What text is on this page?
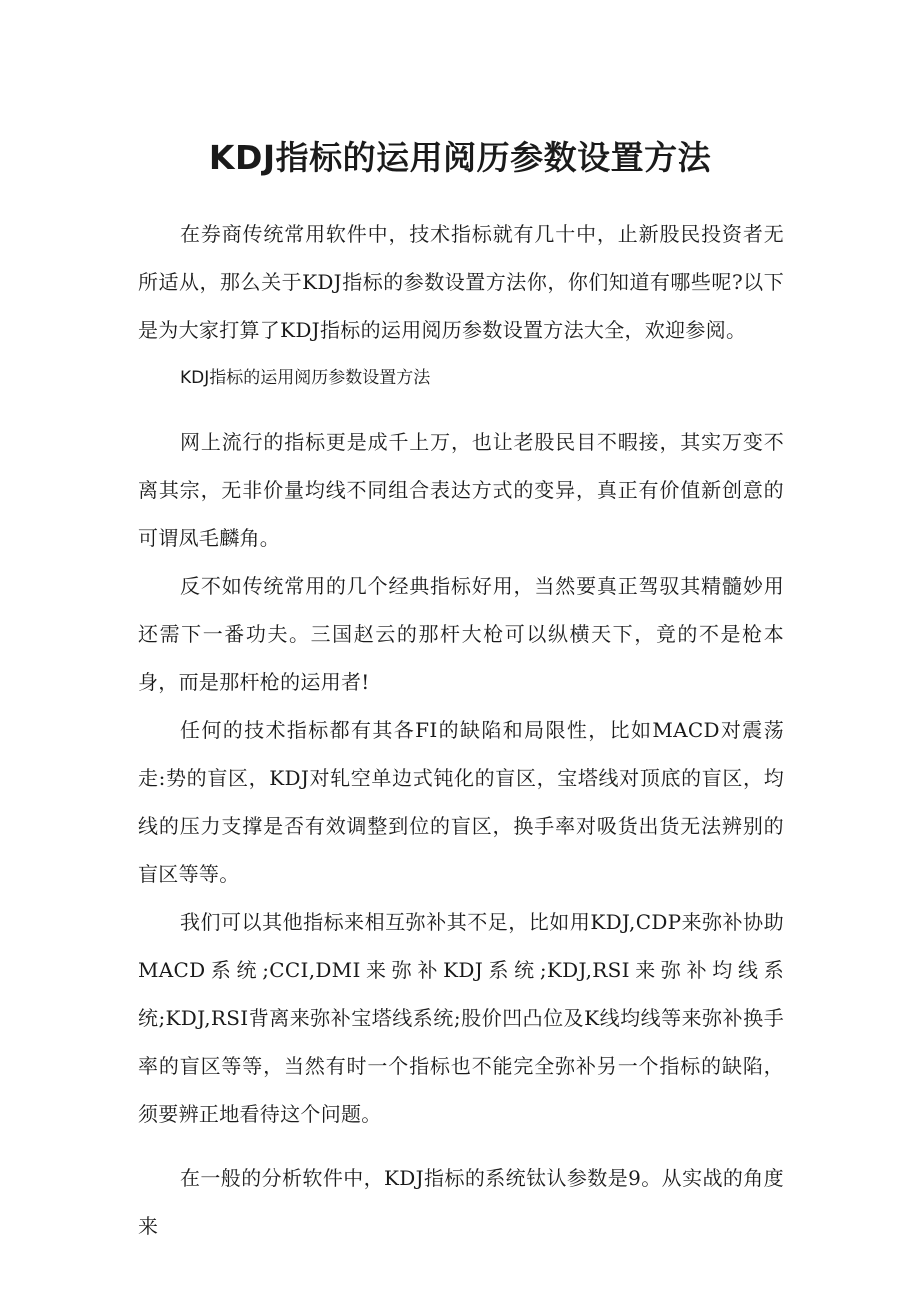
KDJ指标的运用阅历参数设置方法

在券商传统常用软件中，技术指标就有几十中，止新股民投资者无所适从，那么关于KDJ指标的参数设置方法你，你们知道有哪些呢?以下是为大家打算了KDJ指标的运用阅历参数设置方法大全，欢迎参阅。

KDJ指标的运用阅历参数设置方法

网上流行的指标更是成千上万，也让老股民目不暇接，其实万变不离其宗，无非价量均线不同组合表达方式的变异，真正有价值新创意的可谓凤毛麟角。

反不如传统常用的几个经典指标好用，当然要真正驾驭其精髓妙用还需下一番功夫。三国赵云的那杆大枪可以纵横天下，竟的不是枪本身，而是那杆枪的运用者!

任何的技术指标都有其各FI的缺陷和局限性，比如MACD对震荡走:势的盲区，KDJ对轧空单边式钝化的盲区，宝塔线对顶底的盲区，均线的压力支撑是否有效调整到位的盲区，换手率对吸货出货无法辨别的盲区等等。

我们可以其他指标来相互弥补其不足，比如用KDJ,CDP来弥补协助MACD系统;CCI,DMI来弥补KDJ系统;KDJ,RSI来弥补均线系统;KDJ,RSI背离来弥补宝塔线系统;股价凹凸位及K线均线等来弥补换手率的盲区等等，当然有时一个指标也不能完全弥补另一个指标的缺陷，须要辨正地看待这个问题。

在一般的分析软件中，KDJ指标的系统钛认参数是9。从实战的角度来
